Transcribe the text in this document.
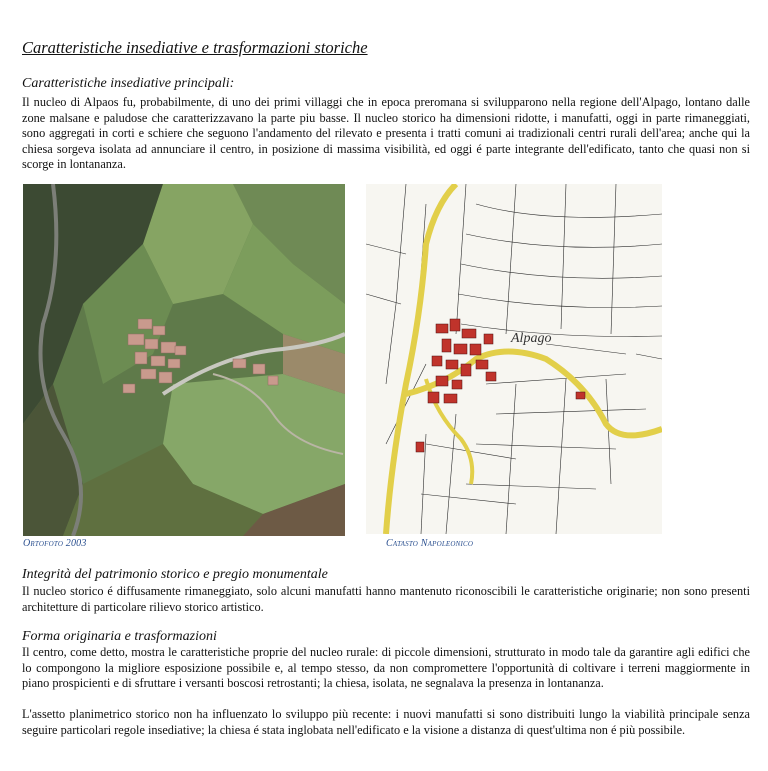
Caratteristiche insediative e trasformazioni storiche
Caratteristiche insediative principali:

Il nucleo di Alpaos fu, probabilmente, di uno dei primi villaggi che in epoca preromana si svilupparono nella regione dell'Alpago, lontano dalle zone malsane e paludose che caratterizzavano la parte piu basse. Il nucleo storico ha dimensioni ridotte, i manufatti, oggi in parte rimaneggiati, sono aggregati in corti e schiere che seguono l'andamento del rilevato e presenta i tratti comuni ai tradizionali centri rurali dell'area; anche qui la chiesa sorgeva isolata ad annunciare il centro, in posizione di massima visibilità, ed oggi é parte integrante dell'edificato, tanto che quasi non si scorge in lontananza.

Ortofoto 2003
Alpago
Catasto Napoleonico
Integrità del patrimonio storico e pregio monumentale

Il nucleo storico é diffusamente rimaneggiato, solo alcuni manufatti hanno mantenuto riconoscibili le caratteristiche originarie; non sono presenti architetture di particolare rilievo storico artistico.

Forma originaria e trasformazioni

Il centro, come detto, mostra le caratteristiche proprie del nucleo rurale: di piccole dimensioni, strutturato in modo tale da garantire agli edifici che lo compongono la migliore esposizione possibile e, al tempo stesso, da non compromettere l'opportunità di coltivare i terreni maggiormente in piano prospicienti e di sfruttare i versanti boscosi retrostanti; la chiesa, isolata, ne segnalava la presenza in lontananza.

L'assetto planimetrico storico non ha influenzato lo sviluppo più recente: i nuovi manufatti si sono distribuiti lungo la viabilità principale senza seguire particolari regole insediative; la chiesa é stata inglobata nell'edificato e la visione a distanza di quest'ultima non é più possibile.
